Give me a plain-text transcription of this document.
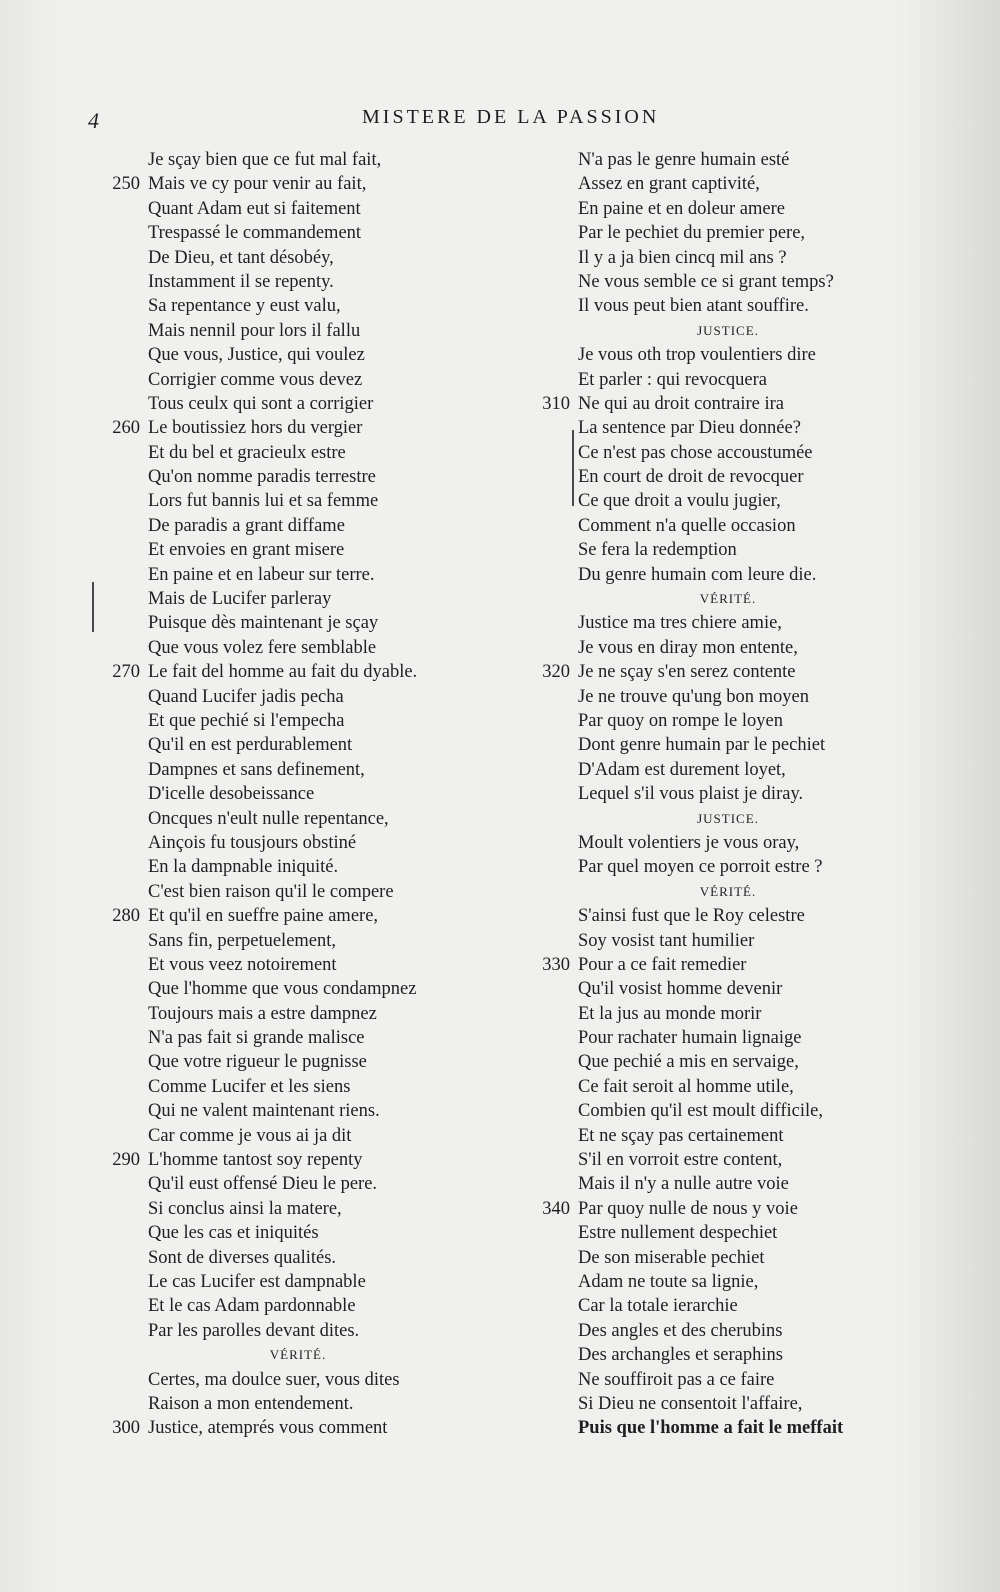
4	MISTERE DE LA PASSION
Je sçay bien que ce fut mal fait,
250 Mais ve cy pour venir au fait,
Quant Adam eut si faitement
Trespassé le commandement
De Dieu, et tant désobéy,
Instamment il se repenty.
Sa repentance y eust valu,
Mais nennil pour lors il fallu
Que vous, Justice, qui voulez
Corrigier comme vous devez
Tous ceulx qui sont a corrigier
260 Le boutissiez hors du vergier
Et du bel et gracieulx estre
Qu'on nomme paradis terrestre
Lors fut bannis lui et sa femme
De paradis a grant diffame
Et envoies en grant misere
En paine et en labeur sur terre.
Mais de Lucifer parleray
Puisque dès maintenant je sçay
Que vous volez fere semblable
270 Le fait del homme au fait du dyable.
Quand Lucifer jadis pecha
Et que pechié si l'empecha
Qu'il en est perdurablement
Dampnes et sans definement,
D'icelle desobeissance
Oncques n'eult nulle repentance,
Ainçois fu tousjours obstiné
En la dampnable iniquité.
C'est bien raison qu'il le compere
280 Et qu'il en sueffre paine amere,
Sans fin, perpetuelement,
Et vous veez notoirement
Que l'homme que vous condampnez
Toujours mais a estre dampnez
N'a pas fait si grande malisce
Que votre rigueur le pugnisse
Comme Lucifer et les siens
Qui ne valent maintenant riens.
Car comme je vous ai ja dit
290 L'homme tantost soy repenty
Qu'il eust offensé Dieu le pere.
Si conclus ainsi la matere,
Que les cas et iniquités
Sont de diverses qualités.
Le cas Lucifer est dampnable
Et le cas Adam pardonnable
Par les parolles devant dites.
VÉRITÉ.
Certes, ma doulce suer, vous dites
Raison a mon entendement.
300 Justice, atemprés vous comment
N'a pas le genre humain esté
Assez en grant captivité,
En paine et en doleur amere
Par le pechiet du premier pere,
Il y a ja bien cincq mil ans ?
Ne vous semble ce si grant temps?
Il vous peut bien atant souffire.
JUSTICE.
Je vous oth trop voulentiers dire
Et parler : qui revocquera
310 Ne qui au droit contraire ira
La sentence par Dieu donnée?
Ce n'est pas chose accoustumée
En court de droit de revocquer
Ce que droit a voulu jugier,
Comment n'a quelle occasion
Se fera la redemption
Du genre humain com leure die.
VÉRITÉ.
Justice ma tres chiere amie,
Je vous en diray mon entente,
320 Je ne sçay s'en serez contente
Je ne trouve qu'ung bon moyen
Par quoy on rompe le loyen
Dont genre humain par le pechiet
D'Adam est durement loyet,
Lequel s'il vous plaist je diray.
JUSTICE.
Moult volentiers je vous oray,
Par quel moyen ce porroit estre ?
VÉRITÉ.
S'ainsi fust que le Roy celestre
Soy vosist tant humilier
330 Pour a ce fait remedier
Qu'il vosist homme devenir
Et la jus au monde morir
Pour rachater humain lignaige
Que pechié a mis en servaige,
Ce fait seroit al homme utile,
Combien qu'il est moult difficile,
Et ne sçay pas certainement
S'il en vorroit estre content,
Mais il n'y a nulle autre voie
340 Par quoy nulle de nous y voie
Estre nullement despechiet
De son miserable pechiet
Adam ne toute sa lignie,
Car la totale ierarchie
Des angles et des cherubins
Des archangles et seraphins
Ne souffiroit pas a ce faire
Si Dieu ne consentoit l'affaire,
Puis que l'homme a fait le meffait
